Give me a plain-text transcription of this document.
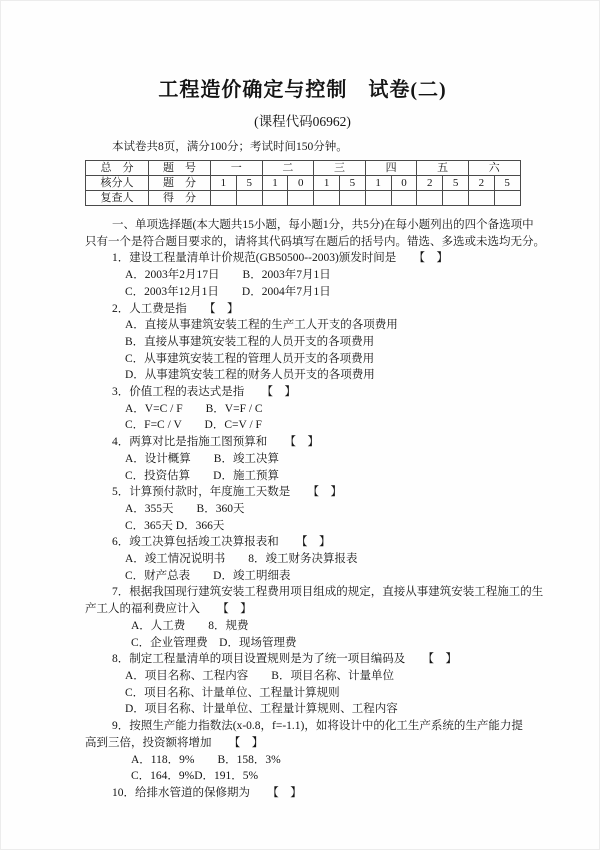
工程造价确定与控制　试卷(二)
(课程代码06962)
本试卷共8页，满分100分；考试时间150分钟。
总　分	题　号	一		二		三		四		五		六	
核分人	题　分	1	5	1	0	1	5	1	0	2	5	2	5
复查人	得　分												
一、单项选择题(本大题共15小题，每小题1分，共5分)在每小题列出的四个备选项中
只有一个是符合题目要求的，请将其代码填写在题后的括号内。错选、多选或未选均无分。
1．建设工程量清单计价规范(GB50500--2003)颁发时间是　　【　】
A．2003年2月17日　　B．2003年7月1日
C．2003年12月1日　　D．2004年7月1日
2．人工费是指　　【　】
A．直接从事建筑安装工程的生产工人开支的各项费用
B．直接从事建筑安装工程的人员开支的各项费用
C．从事建筑安装工程的管理人员开支的各项费用
D．从事建筑安装工程的财务人员开支的各项费用
3．价值工程的表达式是指　　【　】
A．V=C / F　　B．V=F / C
C．F=C / V　　D．C=V / F
4．两算对比是指施工图预算和　　【　】
A．设计概算　　B．竣工决算
C．投资估算　　D．施工预算
5．计算预付款时，年度施工天数是　　【　】
A．355天　　B．360天
C．365天 D．366天
6．竣工决算包括竣工决算报表和　　【　】
A．竣工情况说明书　　8．竣工财务决算报表
C．财产总表　　D．竣工明细表
7．根据我国现行建筑安装工程费用项目组成的规定，直接从事建筑安装工程施工的生
产工人的福利费应计入　　【　】
A．人工费　　8．规费
C．企业管理费　D．现场管理费
8．制定工程量清单的项目设置规则是为了统一项目编码及　　【　】
A．项目名称、工程内容　　B．项目名称、计量单位
C．项目名称、计量单位、工程量计算规则
D．项目名称、计量单位、工程量计算规则、工程内容
9．按照生产能力指数法(x-0.8，f=-1.1)，如将设计中的化工生产系统的生产能力提
高到三倍，投资额将增加　　【　】
A．118．9%　　B．158．3%
C．164．9%D．191．5%
10．给排水管道的保修期为　　【　】
